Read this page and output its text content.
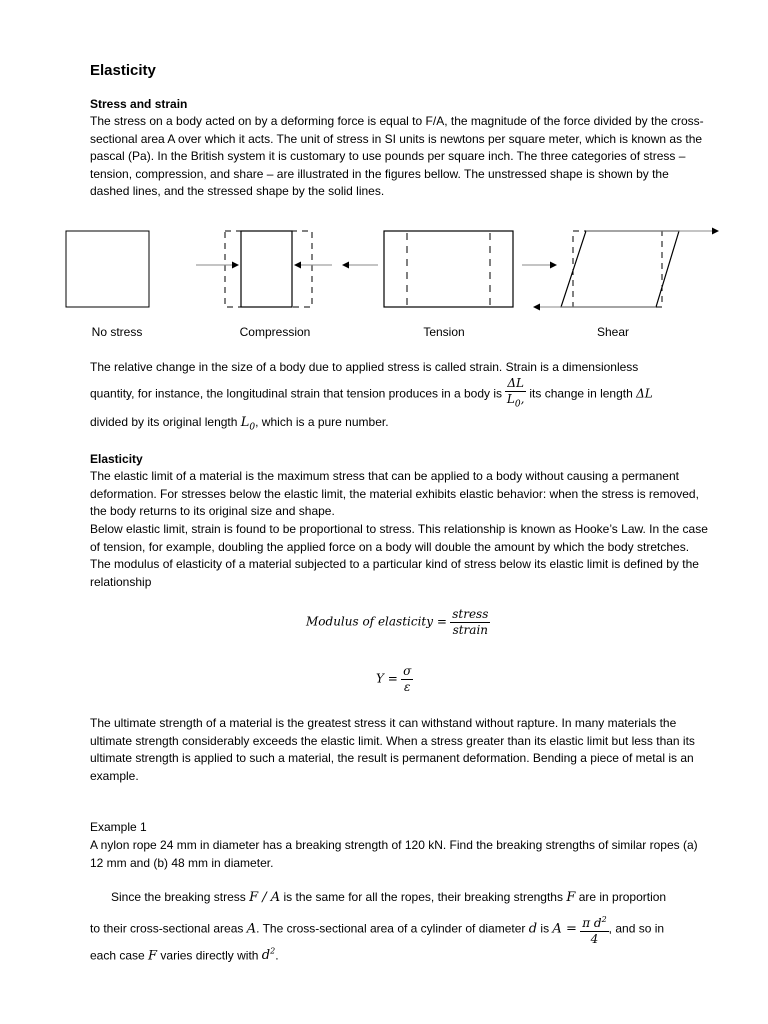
Elasticity
Stress and strain
The stress on a body acted on by a deforming force is equal to F/A, the magnitude of the force divided by the cross-sectional area A over which it acts. The unit of stress in SI units is newtons per square meter, which is known as the pascal (Pa). In the British system it is customary to use pounds per square inch. The three categories of stress – tension, compression, and share – are illustrated in the figures bellow. The unstressed shape is shown by the dashed lines, and the stressed shape by the solid lines.
No stress	Compression	Tension	Shear
The relative change in the size of a body due to applied stress is called strain. Strain is a dimensionless
quantity, for instance, the longitudinal strain that tension produces in a body is $\frac{\Delta L}{L_0,}$ its change in length ΔL
divided by its original length $L_0$, which is a pure number.
Elasticity
The elastic limit of a material is the maximum stress that can be applied to a body without causing a permanent deformation. For stresses below the elastic limit, the material exhibits elastic behavior: when the stress is removed, the body returns to its original size and shape.
Below elastic limit, strain is found to be proportional to stress. This relationship is known as Hooke’s Law. In the case of tension, for example, doubling the applied force on a body will double the amount by which the body stretches. The modulus of elasticity of a material subjected to a particular kind of stress below its elastic limit is defined by the relationship
Modulus of elasticity = $\frac{\text{stress}}{\text{strain}}$
$Y = \frac{\sigma}{\varepsilon}$
The ultimate strength of a material is the greatest stress it can withstand without rapture. In many materials the ultimate strength considerably exceeds the elastic limit. When a stress greater than its elastic limit but less than its ultimate strength is applied to such a material, the result is permanent deformation. Bending a piece of metal is an example.
Example 1
A nylon rope 24 mm in diameter has a breaking strength of 120 kN. Find the breaking strengths of similar ropes (a) 12 mm and (b) 48 mm in diameter.
Since the breaking stress F / A is the same for all the ropes, their breaking strengths F are in proportion
to their cross-sectional areas A. The cross-sectional area of a cylinder of diameter d is $A = \frac{\pi d^2}{4}$ , and so in
each case F varies directly with $d^2$.
